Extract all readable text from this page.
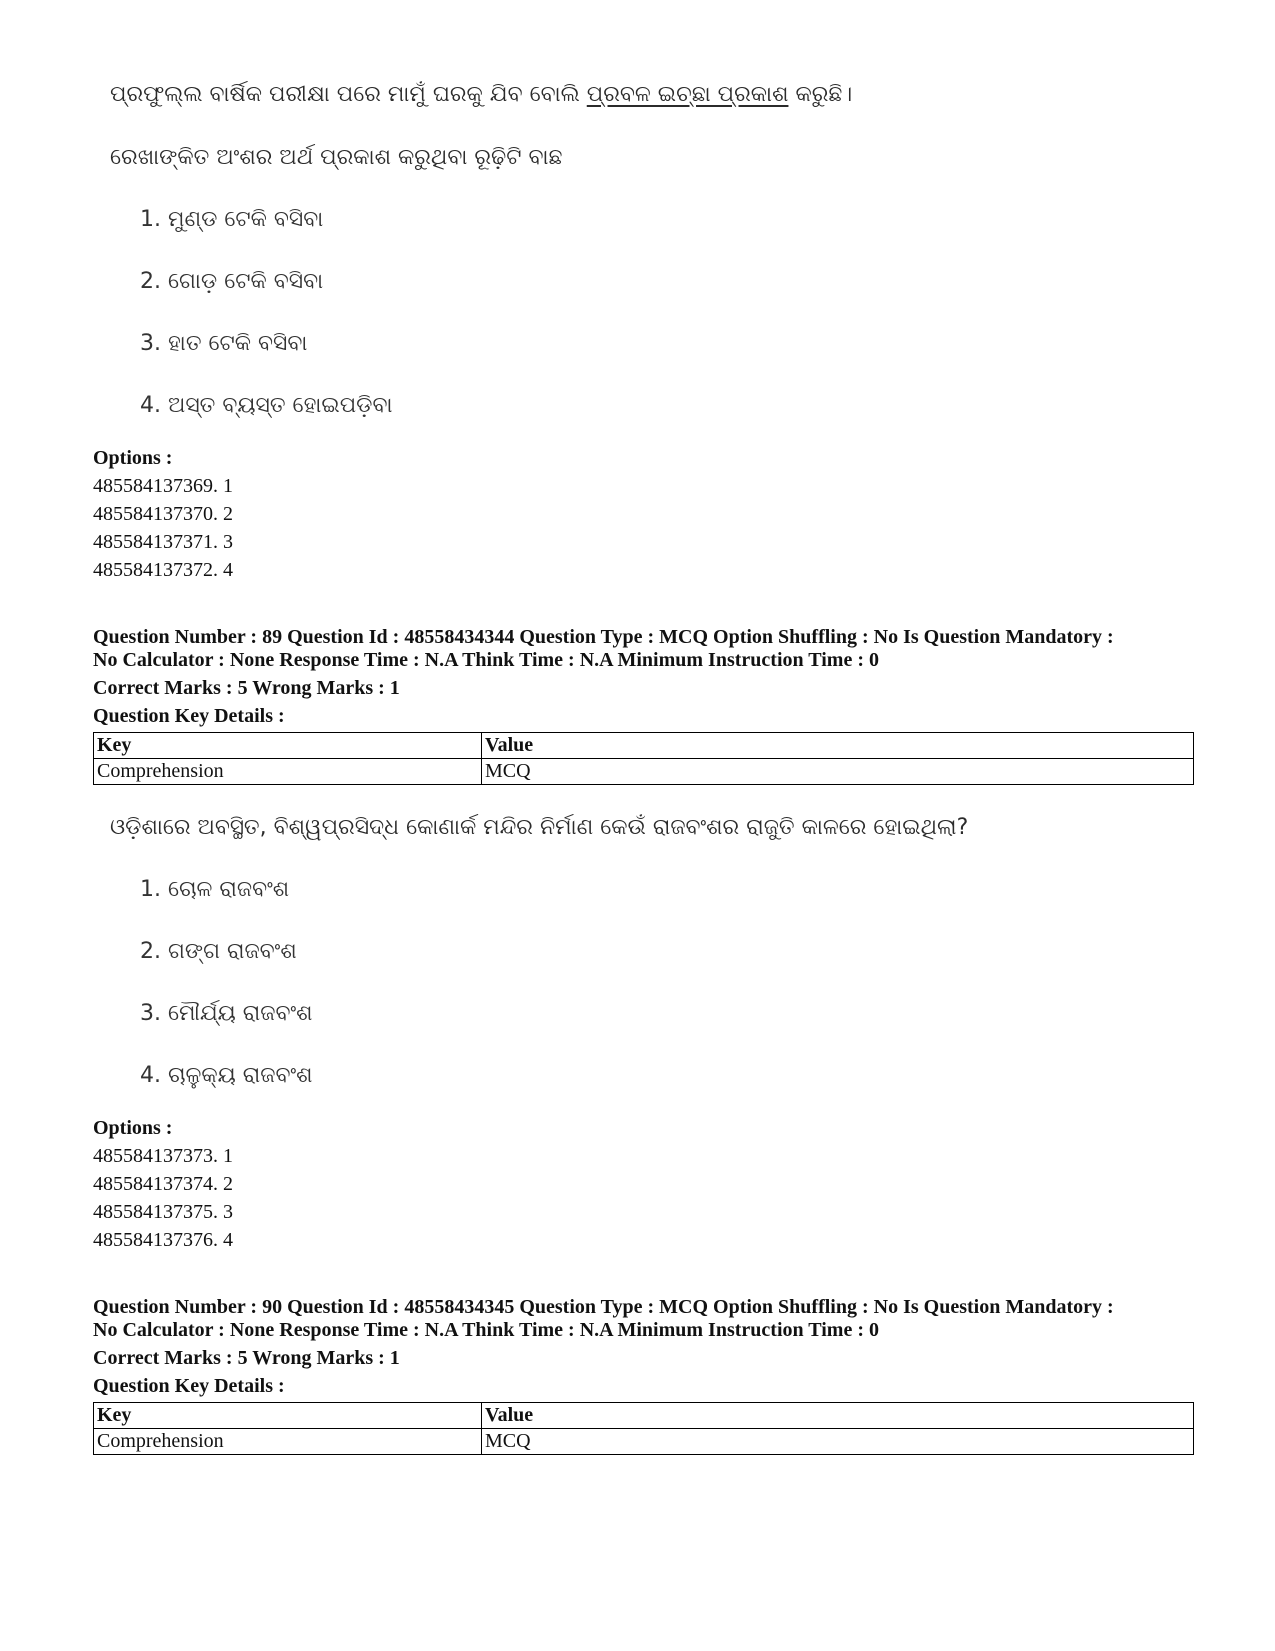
ପ୍ରଫୁଲ୍ଲ ବାର୍ଷିକ ପରୀକ୍ଷା ପରେ ମାମୁଁ ଘରକୁ ଯିବ ବୋଲି ପ୍ରବଳ ଇଚ୍ଛା ପ୍ରକାଶ କରୁଛି।
ରେଖାଙ୍କିତ ଅଂଶର ଅର୍ଥ ପ୍ରକାଶ କରୁଥିବା ରୂଢ଼ିଟି ବାଛ
1. ମୁଣ୍ଡ ଟେକି ବସିବା
2. ଗୋଡ଼ ଟେକି ବସିବା
3. ହାତ ଟେକି ବସିବା
4. ଅସ୍ତ ବ୍ୟସ୍ତ ହୋଇପଡ଼ିବା
Options :
485584137369. 1
485584137370. 2
485584137371. 3
485584137372. 4
Question Number : 89 Question Id : 48558434344 Question Type : MCQ Option Shuffling : No Is Question Mandatory :
No Calculator : None Response Time : N.A Think Time : N.A Minimum Instruction Time : 0
Correct Marks : 5 Wrong Marks : 1
Question Key Details :
Key	Value
Comprehension	MCQ
ଓଡ଼ିଶାରେ ଅବସ୍ଥିତ, ବିଶ୍ୱପ୍ରସିଦ୍ଧ କୋଣାର୍କ ମନ୍ଦିର ନିର୍ମାଣ କେଉଁ ରାଜବଂଶର ରାଜୁତି କାଳରେ ହୋଇଥିଲା?
1. ଚୋଳ ରାଜବଂଶ
2. ଗଙ୍ଗ ରାଜବଂଶ
3. ମୌର୍ଯ୍ୟ ରାଜବଂଶ
4. ଚାଳୁକ୍ୟ ରାଜବଂଶ
Options :
485584137373. 1
485584137374. 2
485584137375. 3
485584137376. 4
Question Number : 90 Question Id : 48558434345 Question Type : MCQ Option Shuffling : No Is Question Mandatory :
No Calculator : None Response Time : N.A Think Time : N.A Minimum Instruction Time : 0
Correct Marks : 5 Wrong Marks : 1
Question Key Details :
Key	Value
Comprehension	MCQ
